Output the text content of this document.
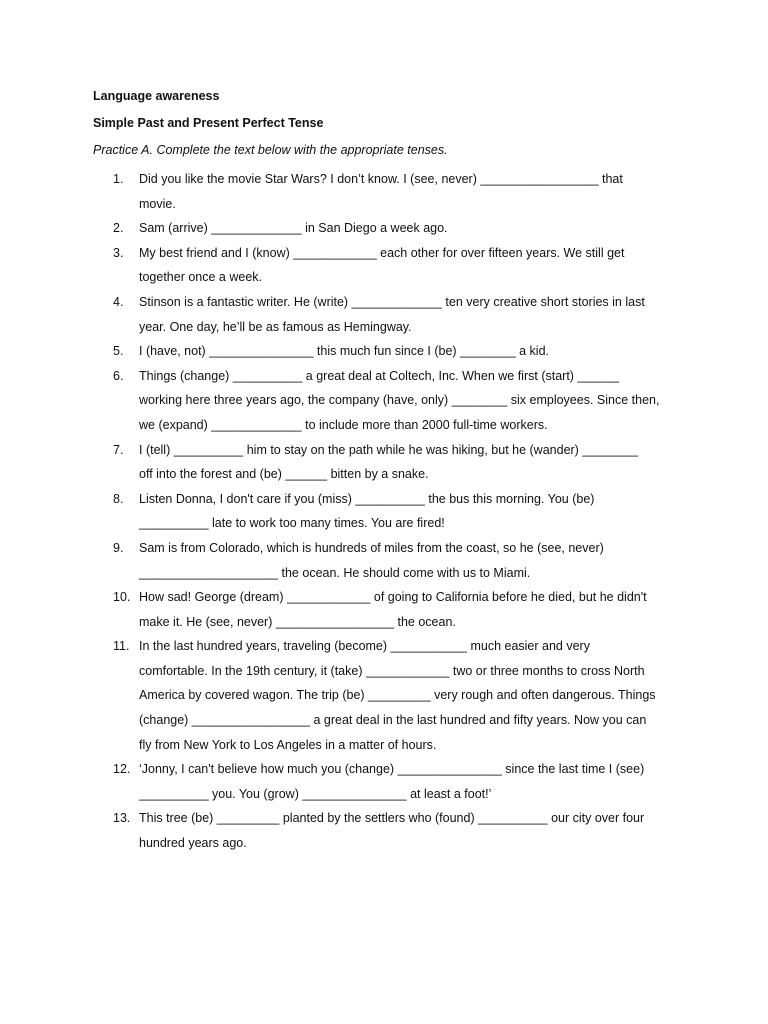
Language awareness

Simple Past and Present Perfect Tense

Practice A. Complete the text below with the appropriate tenses.

1.	Did you like the movie Star Wars? I don’t know. I (see, never) _________________ that
movie.
2.	Sam (arrive) _____________ in San Diego a week ago.
3.	My best friend and I (know) ____________ each other for over fifteen years. We still get
together once a week.
4.	Stinson is a fantastic writer. He (write) _____________ ten very creative short stories in last
year. One day, he’ll be as famous as Hemingway.
5.	I (have, not) _______________ this much fun since I (be) ________ a kid.
6.	Things (change) __________ a great deal at Coltech, Inc. When we first (start) ______
working here three years ago, the company (have, only) ________ six employees. Since then,
we (expand) _____________ to include more than 2000 full-time workers.
7.	I (tell) __________ him to stay on the path while he was hiking, but he (wander) ________
off into the forest and (be) ______ bitten by a snake.
8.	Listen Donna, I don't care if you (miss) __________ the bus this morning. You (be)
__________ late to work too many times. You are fired!
9.	Sam is from Colorado, which is hundreds of miles from the coast, so he (see, never)
____________________ the ocean. He should come with us to Miami.
10. How sad! George (dream) ____________ of going to California before he died, but he didn't
make it. He (see, never) _________________ the ocean.
11. In the last hundred years, traveling (become) ___________ much easier and very
comfortable. In the 19th century, it (take) ____________ two or three months to cross North
America by covered wagon. The trip (be) _________ very rough and often dangerous. Things
(change) _________________ a great deal in the last hundred and fifty years. Now you can
fly from New York to Los Angeles in a matter of hours.
12. ‘Jonny, I can't believe how much you (change) _______________ since the last time I (see)
__________ you. You (grow) _______________ at least a foot!’
13. This tree (be) _________ planted by the settlers who (found) __________ our city over four
hundred years ago.
